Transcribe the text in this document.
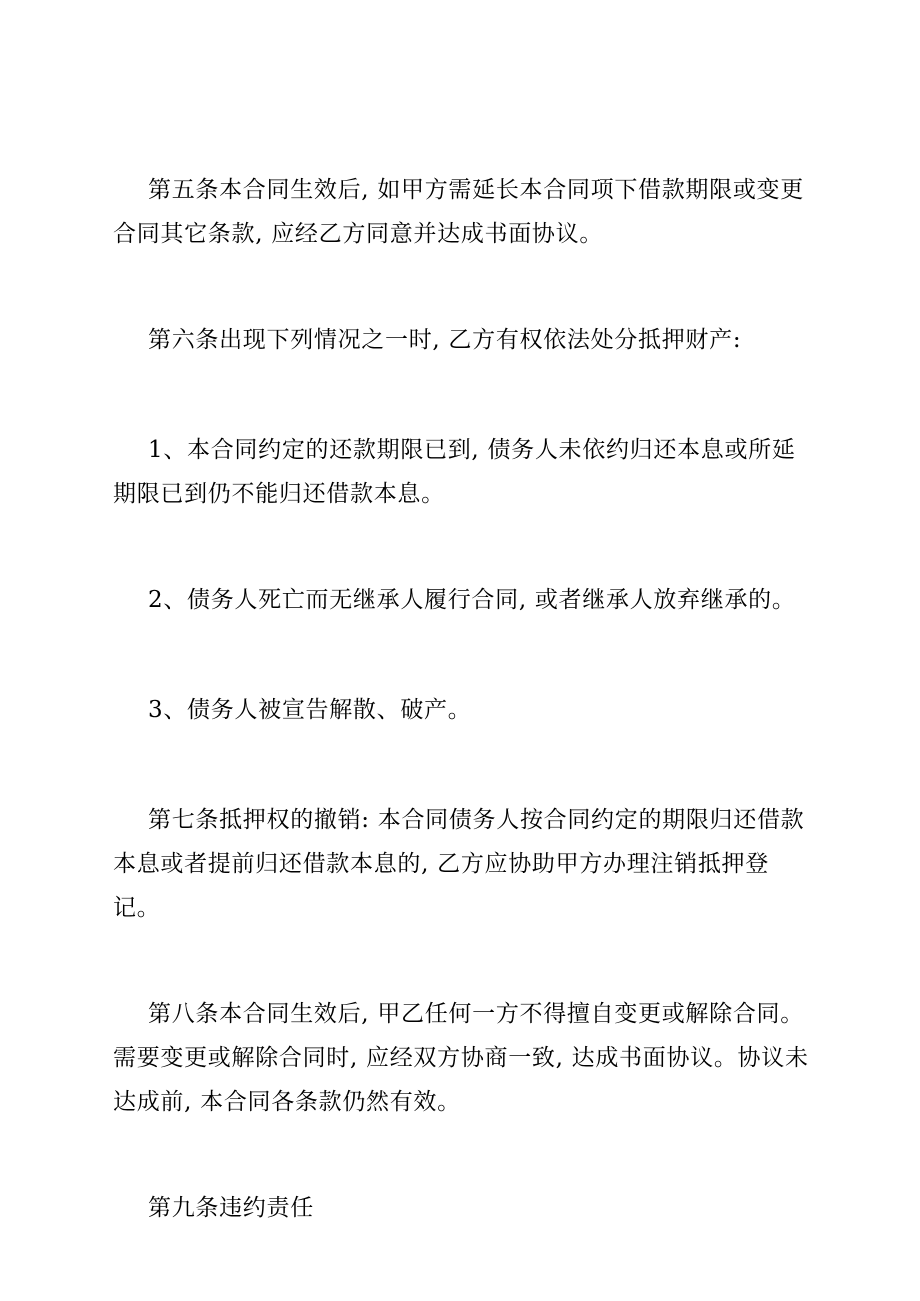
第五条本合同生效后, 如甲方需延长本合同项下借款期限或变更合同其它条款, 应经乙方同意并达成书面协议。

第六条出现下列情况之一时, 乙方有权依法处分抵押财产:

1、本合同约定的还款期限已到, 债务人未依约归还本息或所延期限已到仍不能归还借款本息。

2、债务人死亡而无继承人履行合同, 或者继承人放弃继承的。

3、债务人被宣告解散、破产。

第七条抵押权的撤销: 本合同债务人按合同约定的期限归还借款本息或者提前归还借款本息的, 乙方应协助甲方办理注销抵押登记。

第八条本合同生效后, 甲乙任何一方不得擅自变更或解除合同。需要变更或解除合同时, 应经双方协商一致, 达成书面协议。协议未达成前, 本合同各条款仍然有效。

第九条违约责任
